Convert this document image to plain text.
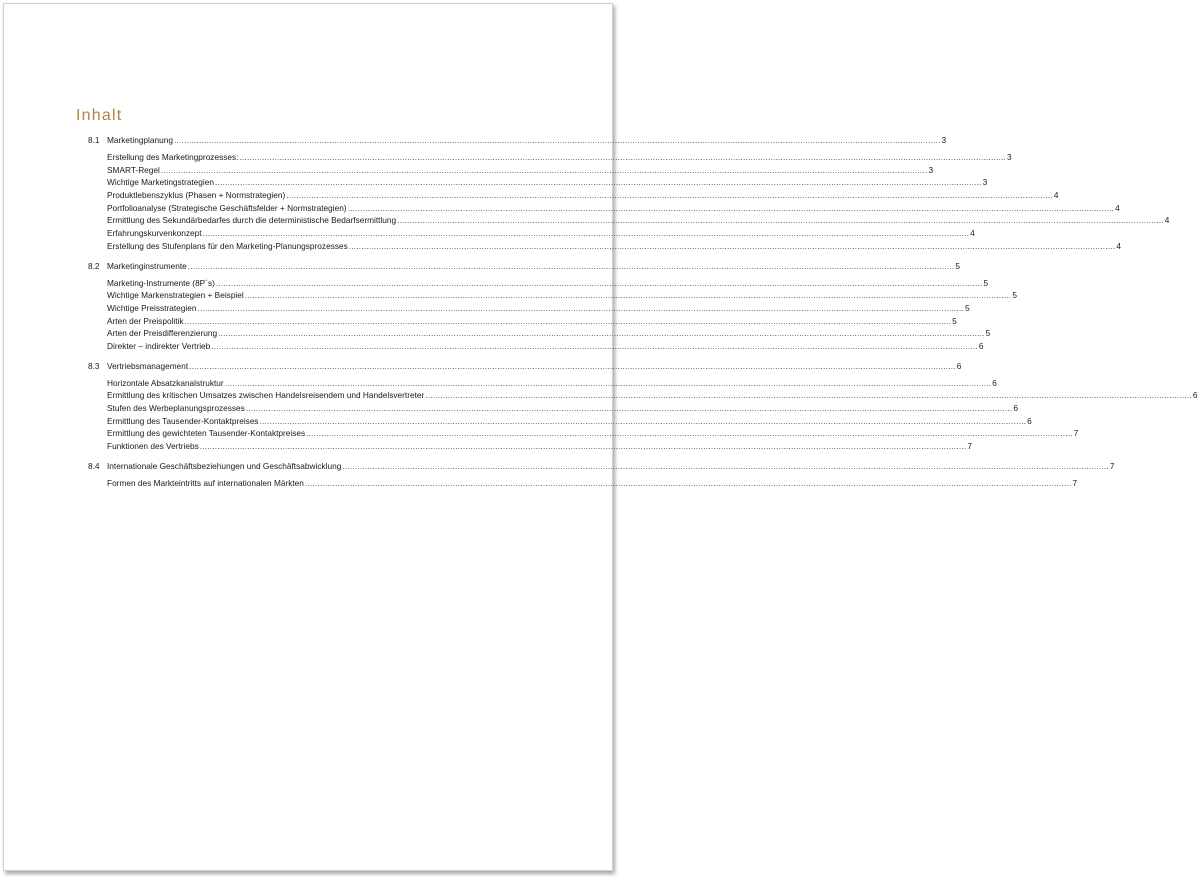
Inhalt
8.1 Marketingplanung .....	3
Erstellung des Marketingprozesses: .....	3
SMART-Regel .....	3
Wichtige Marketingstrategien .....	3
Produktlebenszyklus (Phasen + Normstrategien) .....	4
Portfolioanalyse (Strategische Geschäftsfelder + Normstrategien) .....	4
Ermittlung des Sekundärbedarfes durch die deterministische Bedarfsermittlung .....	4
Erfahrungskurvenkonzept .....	4
Erstellung des Stufenplans für den Marketing-Planungsprozesses .....	4
8.2 Marketinginstrumente .....	5
Marketing-Instrumente (8P´s) .....	5
Wichtige Markenstrategien + Beispiel .....	5
Wichtige Preisstrategien .....	5
Arten der Preispolitik .....	5
Arten der Preisdifferenzierung .....	5
Direkter – indirekter Vertrieb .....	6
8.3 Vertriebsmanagement .....	6
Horizontale Absatzkanalstruktur .....	6
Ermittlung des kritischen Umsatzes zwischen Handelsreisendem und Handelsvertreter .....	6
Stufen des Werbeplanungsprozesses .....	6
Ermittlung des Tausender-Kontaktpreises .....	6
Ermittlung des gewichteten Tausender-Kontaktpreises .....	7
Funktionen des Vertriebs .....	7
8.4 Internationale Geschäftsbeziehungen und Geschäftsabwicklung .....	7
Formen des Markteintritts auf internationalen Märkten .....	7
